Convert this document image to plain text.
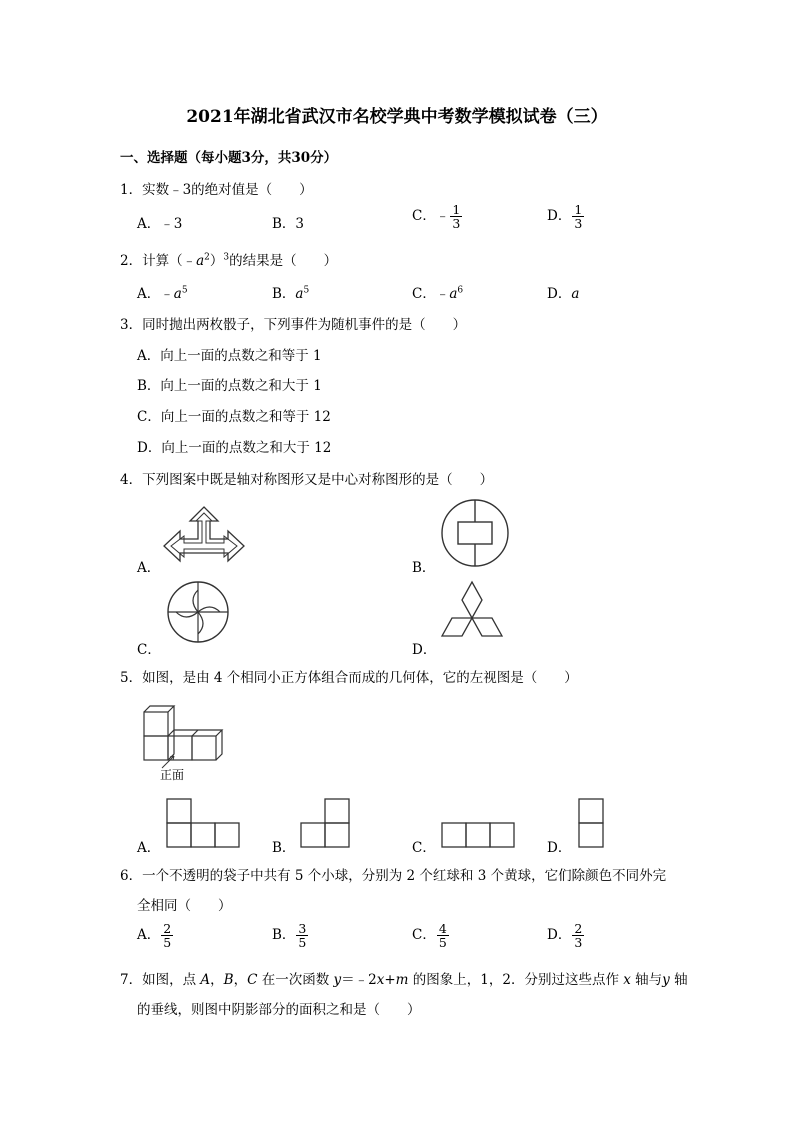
2021年湖北省武汉市名校学典中考数学模拟试卷（三）
一、选择题（每小题3分，共30分）
1．实数﹣3的绝对值是（　　）
A．﹣3	B．3	C．﹣ $\frac{1}{3}$	D． $\frac{1}{3}$
2．计算$(﹣a^2)^3$的结果是（　　）
A．$﹣a^5$	B．$a^5$	C．$﹣a^6$	D．a
3．同时抛出两枚骰子，下列事件为随机事件的是（　　）
A．向上一面的点数之和等于 1
B．向上一面的点数之和大于 1
C．向上一面的点数之和等于 12
D．向上一面的点数之和大于 12
4．下列图案中既是轴对称图形又是中心对称图形的是（　　）
A．	B．
C．	D．
5．如图，是由 4 个相同小正方体组合而成的几何体，它的左视图是（　　）
正面
A．	B．	C．	D．
6．一个不透明的袋子中共有 5 个小球，分别为 2 个红球和 3 个黄球，它们除颜色不同外完
全相同（　　）
A． $\frac{2}{5}$	B． $\frac{3}{5}$	C． $\frac{4}{5}$	D． $\frac{2}{3}$
7．如图，点 A，B，C 在一次函数 y＝﹣2x+m 的图象上，1，2．分别过这些点作 x 轴与y 轴
的垂线，则图中阴影部分的面积之和是（　　）
